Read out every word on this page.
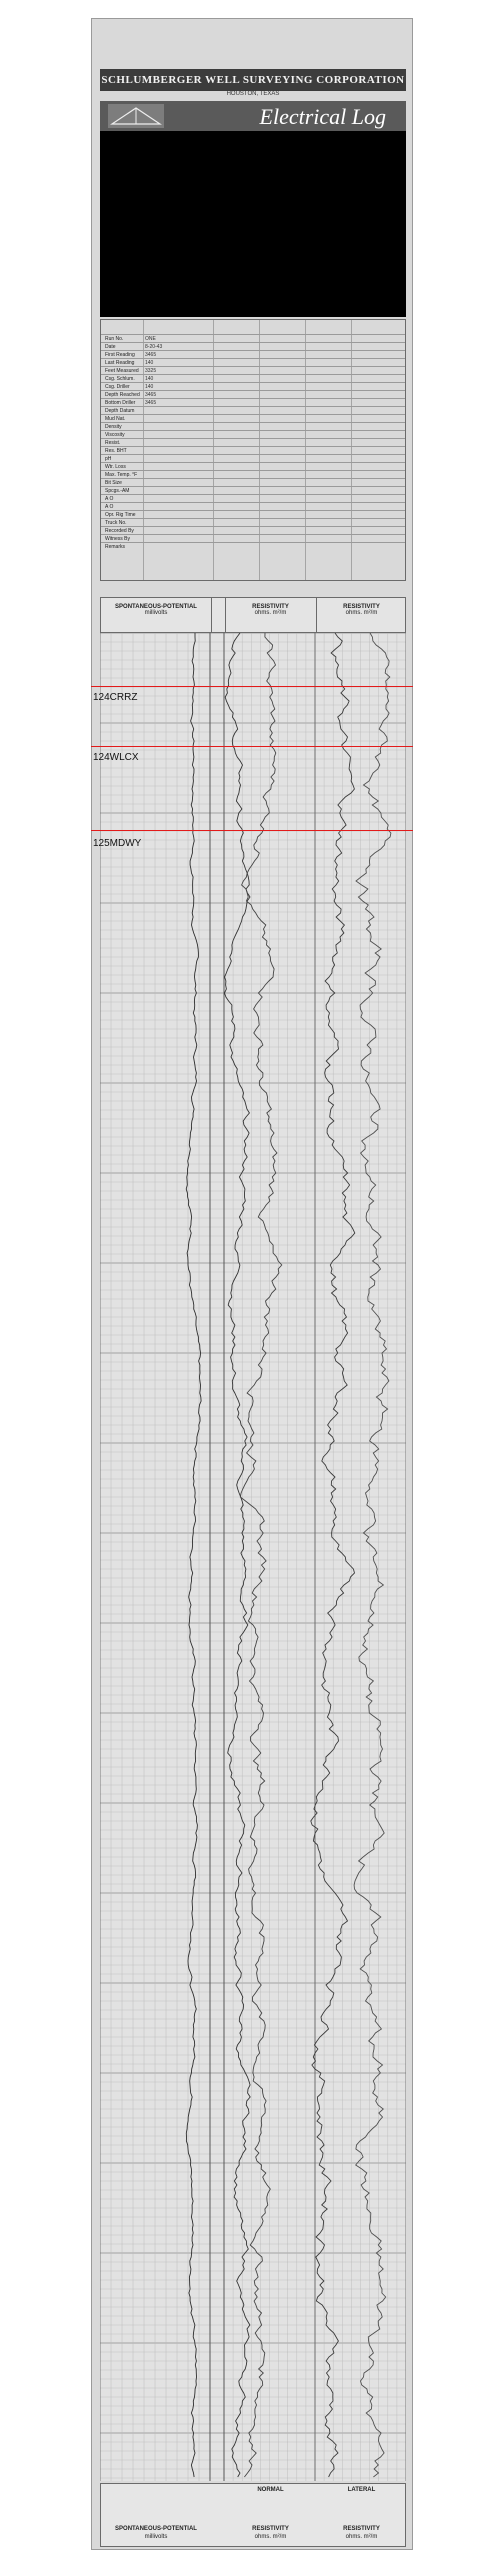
SCHLUMBERGER WELL SURVEYING CORPORATION
HOUSTON, TEXAS
Electrical Log
Run No.	ONE
Date	8-20-43
First Reading 3465
Last Reading 140
Feet Measured 3325
Csg. Schlum. 140
Csg. Driller	140
Depth Reached 3465
Bottom Driller 3465
Depth Datum
Mud Nat.
Density
Viscosity
Resist.
Res. BHT
pH
Wtr. Loss
Max. Temp. °F
Bit Size
Spcgs.-AM
A O
A O
Opr. Rig Time
Truck No.
Recorded By
Witness By
Remarks
SPONTANEOUS-POTENTIAL
millivolts
RESISTIVITY
ohms. m²/m
RESISTIVITY
ohms. m²/m
NORMAL	LATERAL
SPONTANEOUS-POTENTIAL
millivolts
RESISTIVITY
ohms. m²/m
RESISTIVITY
ohms. m²/m
124CRRZ
124WLCX
125MDWY
